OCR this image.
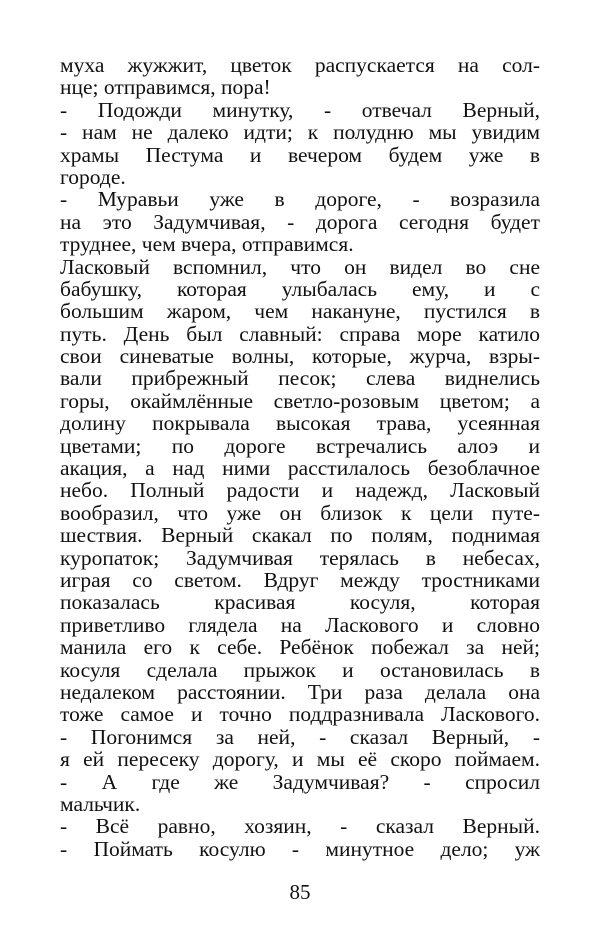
муха жужжит, цветок распускается на сол-
нце; отправимся, пора!
- Подожди минутку, - отвечал Верный,
- нам не далеко идти; к полудню мы увидим
храмы Пестума и вечером будем уже в
городе.
- Муравьи уже в дороге, - возразила
на это Задумчивая, - дорога сегодня будет
труднее, чем вчера, отправимся.
Ласковый вспомнил, что он видел во сне
бабушку, которая улыбалась ему, и с
большим жаром, чем накануне, пустился в
путь. День был славный: справа море катило
свои синеватые волны, которые, журча, взры-
вали прибрежный песок; слева виднелись
горы, окаймлённые светло-розовым цветом; а
долину покрывала высокая трава, усеянная
цветами; по дороге встречались алоэ и
акация, а над ними расстилалось безоблачное
небо. Полный радости и надежд, Ласковый
вообразил, что уже он близок к цели путе-
шествия. Верный скакал по полям, поднимая
куропаток; Задумчивая терялась в небесах,
играя со светом. Вдруг между тростниками
показалась красивая косуля, которая
приветливо глядела на Ласкового и словно
манила его к себе. Ребёнок побежал за ней;
косуля сделала прыжок и остановилась в
недалеком расстоянии. Три раза делала она
тоже самое и точно поддразнивала Ласкового.
- Погонимся за ней, - сказал Верный, -
я ей пересеку дорогу, и мы её скоро поймаем.
- А где же Задумчивая? - спросил
мальчик.
- Всё равно, хозяин, - сказал Верный.
- Поймать косулю - минутное дело; уж
85
